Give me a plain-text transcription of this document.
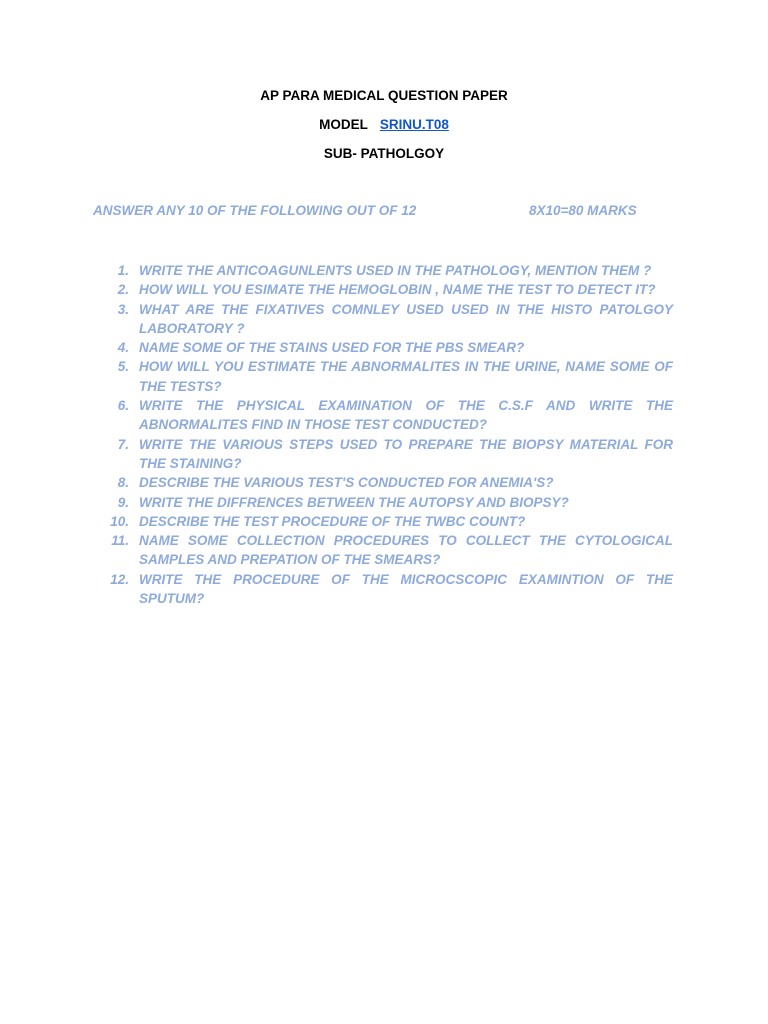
AP PARA MEDICAL QUESTION PAPER
MODEL SRINU.T08
SUB- PATHOLGOY
ANSWER ANY 10 OF THE FOLLOWING OUT OF 12	8X10=80 MARKS
1. WRITE THE ANTICOAGUNLENTS USED IN THE PATHOLOGY, MENTION THEM ?
2. HOW WILL YOU ESIMATE THE HEMOGLOBIN , NAME THE TEST TO DETECT IT?
3. WHAT ARE THE FIXATIVES COMNLEY USED USED IN THE HISTO PATOLGOY LABORATORY ?
4. NAME SOME OF THE STAINS USED FOR THE PBS SMEAR?
5. HOW WILL YOU ESTIMATE THE ABNORMALITES IN THE URINE, NAME SOME OF THE TESTS?
6. WRITE THE PHYSICAL EXAMINATION OF THE C.S.F AND WRITE THE ABNORMALITES FIND IN THOSE TEST CONDUCTED?
7. WRITE THE VARIOUS STEPS USED TO PREPARE THE BIOPSY MATERIAL FOR THE STAINING?
8. DESCRIBE THE VARIOUS TEST'S CONDUCTED FOR ANEMIA'S?
9. WRITE THE DIFFRENCES BETWEEN THE AUTOPSY AND BIOPSY?
10. DESCRIBE THE TEST PROCEDURE OF THE TWBC COUNT?
11. NAME SOME COLLECTION PROCEDURES TO COLLECT THE CYTOLOGICAL SAMPLES AND PREPATION OF THE SMEARS?
12. WRITE THE PROCEDURE OF THE MICROCSCOPIC EXAMINTION OF THE SPUTUM?
